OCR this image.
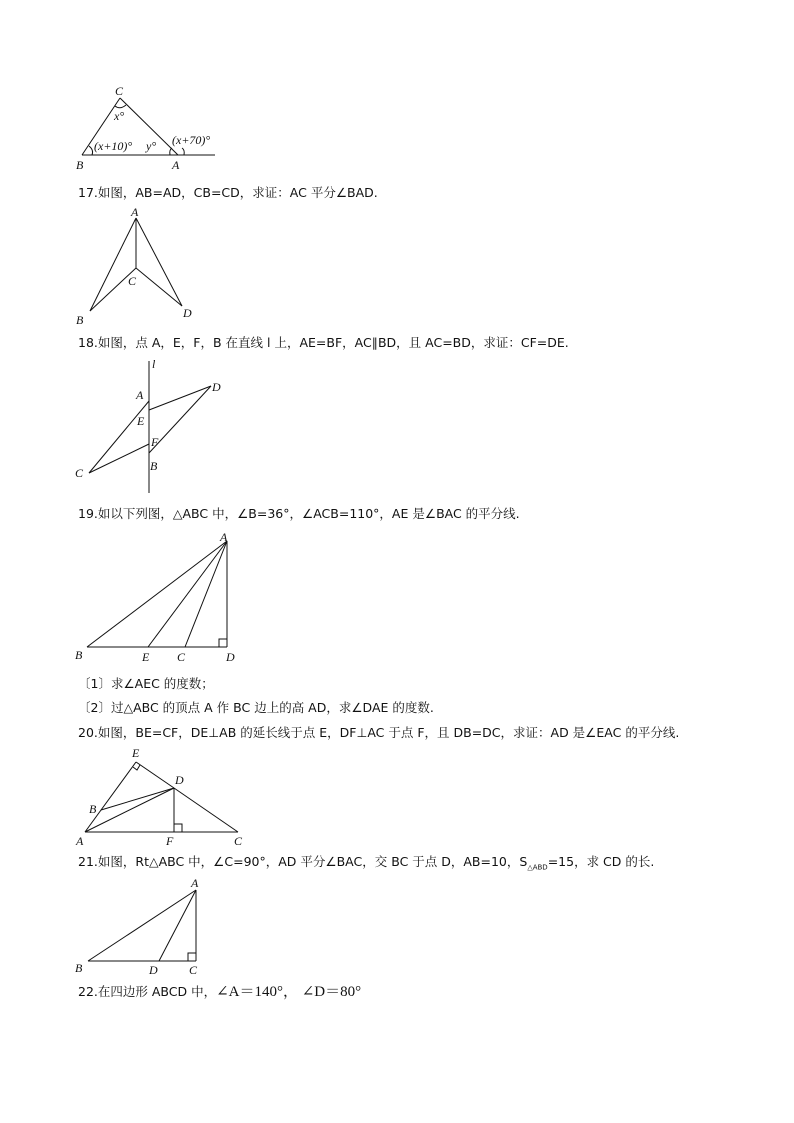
C
B	A
x°
y°
(x+10)°	(x+70)°
17.如图，AB=AD，CB=CD，求证：AC 平分∠BAD.
A
B
C
D
18.如图，点 A，E，F，B 在直线 l 上，AE=BF，AC∥BD，且 AC=BD，求证：CF=DE.
l
A
E
F
B
C
D
19.如以下列图，△ABC 中，∠B=36°，∠ACB=110°，AE 是∠BAC 的平分线.
A
B	E C	D
〔1〕求∠AEC 的度数；
〔2〕过△ABC 的顶点 A 作 BC 边上的高 AD，求∠DAE 的度数.
20.如图，BE=CF，DE⊥AB 的延长线于点 E，DF⊥AC 于点 F，且 DB=DC，求证：AD 是∠EAC 的平分线.
E
D
B
A	F	C
21.如图，Rt△ABC 中，∠C=90°，AD 平分∠BAC，交 BC 于点 D，AB=10，$S_{\triangle ABD}=15$，求 CD 的长.
A
B	D	C
22.在四边形 ABCD 中，∠A＝140°， ∠D＝80°
